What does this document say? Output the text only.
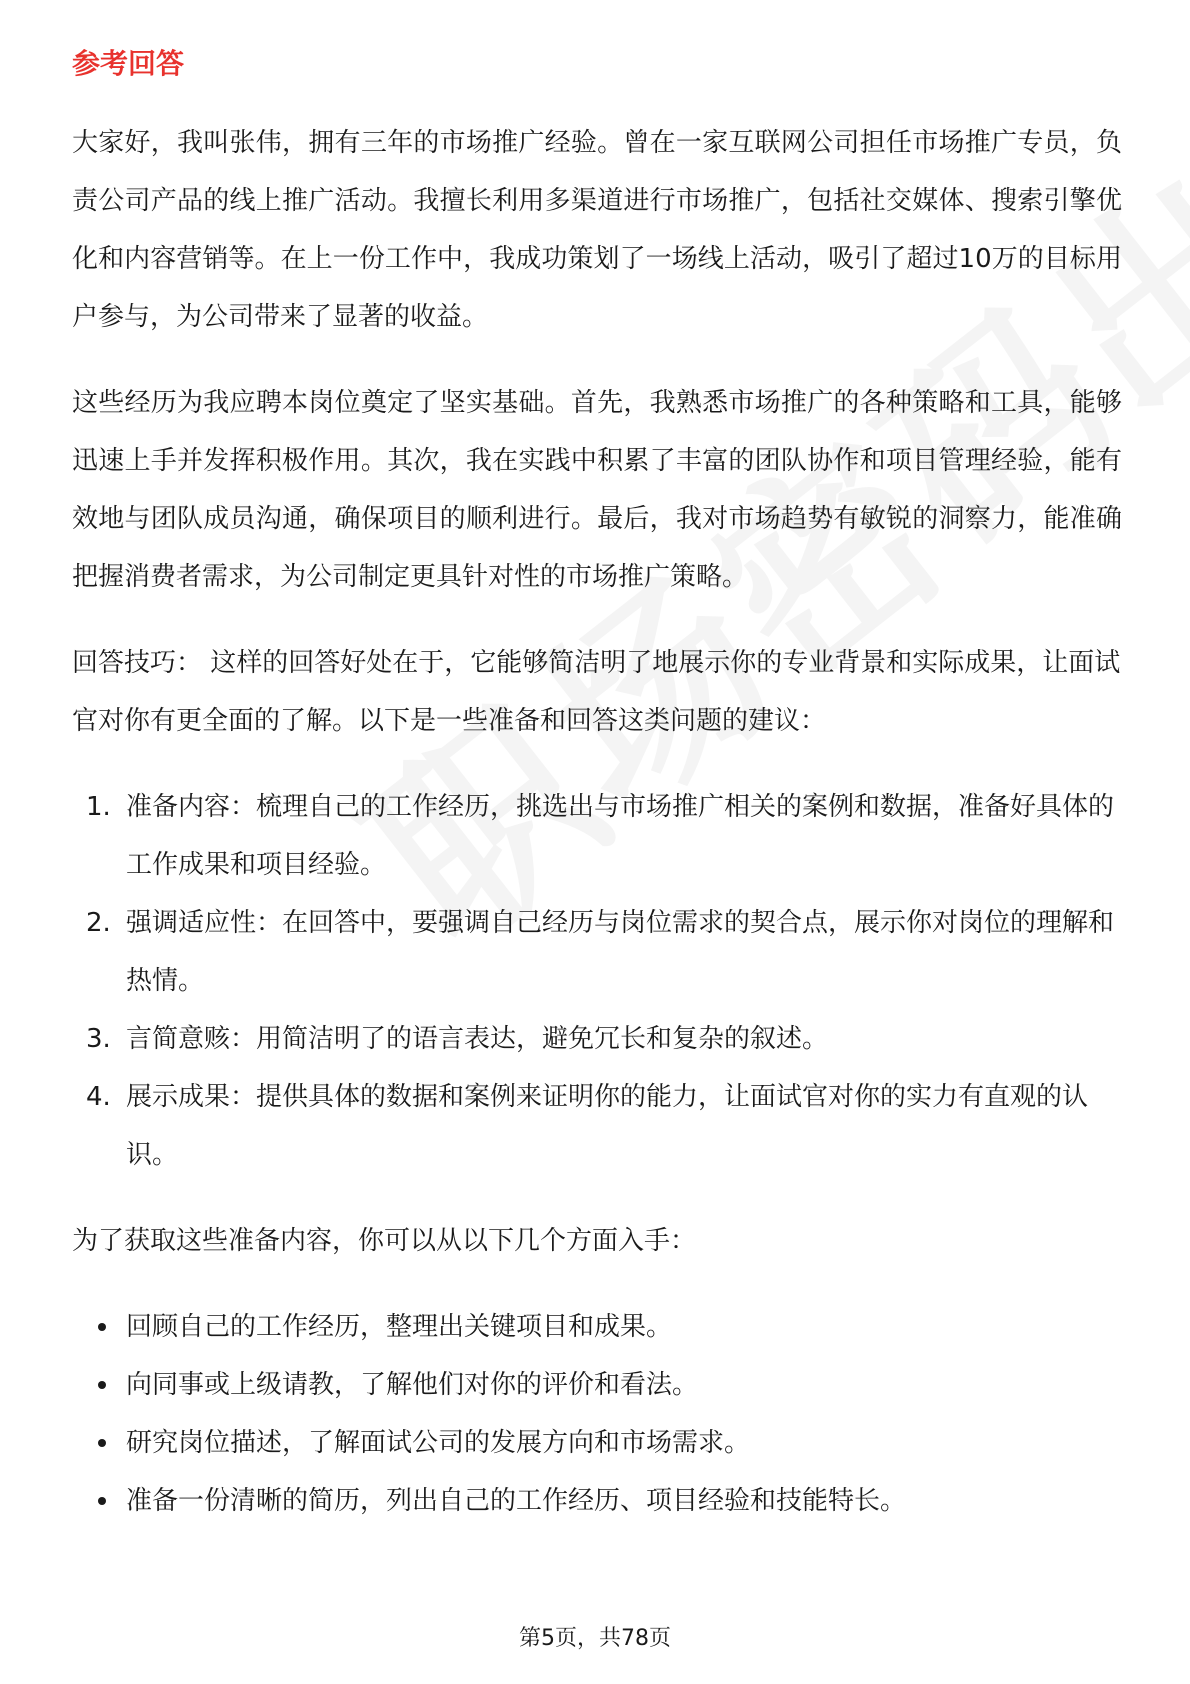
参考回答

大家好，我叫张伟，拥有三年的市场推广经验。曾在一家互联网公司担任市场推广专员，负责公司产品的线上推广活动。我擅长利用多渠道进行市场推广，包括社交媒体、搜索引擎优化和内容营销等。在上一份工作中，我成功策划了一场线上活动，吸引了超过10万的目标用户参与，为公司带来了显著的收益。

这些经历为我应聘本岗位奠定了坚实基础。首先，我熟悉市场推广的各种策略和工具，能够迅速上手并发挥积极作用。其次，我在实践中积累了丰富的团队协作和项目管理经验，能有效地与团队成员沟通，确保项目的顺利进行。最后，我对市场趋势有敏锐的洞察力，能准确把握消费者需求，为公司制定更具针对性的市场推广策略。

回答技巧： 这样的回答好处在于，它能够简洁明了地展示你的专业背景和实际成果，让面试官对你有更全面的了解。以下是一些准备和回答这类问题的建议：

1. 准备内容：梳理自己的工作经历，挑选出与市场推广相关的案例和数据，准备好具体的工作成果和项目经验。
2. 强调适应性：在回答中，要强调自己经历与岗位需求的契合点，展示你对岗位的理解和热情。
3. 言简意赅：用简洁明了的语言表达，避免冗长和复杂的叙述。
4. 展示成果：提供具体的数据和案例来证明你的能力，让面试官对你的实力有直观的认识。

为了获取这些准备内容，你可以从以下几个方面入手：

回顾自己的工作经历，整理出关键项目和成果。
向同事或上级请教，了解他们对你的评价和看法。
研究岗位描述，了解面试公司的发展方向和市场需求。
准备一份清晰的简历，列出自己的工作经历、项目经验和技能特长。
第5页，共78页
